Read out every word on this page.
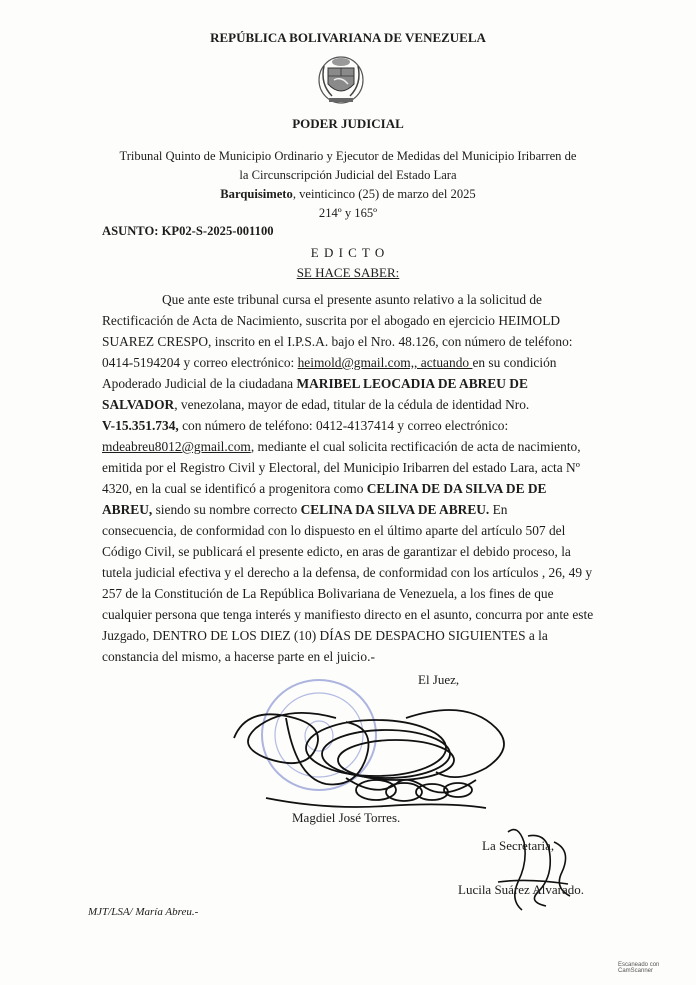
REPÚBLICA BOLIVARIANA DE VENEZUELA
PODER JUDICIAL
Tribunal Quinto de Municipio Ordinario y Ejecutor de Medidas del Municipio Iribarren de
la Circunscripción Judicial del Estado Lara
Barquisimeto, veinticinco (25) de marzo del 2025
214º y 165º
ASUNTO: KP02-S-2025-001100
E D I C T O
SE HACE SABER:
Que ante este tribunal cursa el presente asunto relativo a la solicitud de
Rectificación de Acta de Nacimiento, suscrita por el abogado en ejercicio HEIMOLD
SUAREZ CRESPO, inscrito en el I.P.S.A. bajo el Nro. 48.126, con número de teléfono:
0414-5194204 y correo electrónico: heimold@gmail.com,, actuando en su condición
Apoderado Judicial de la ciudadana MARIBEL LEOCADIA DE ABREU DE
SALVADOR, venezolana, mayor de edad, titular de la cédula de identidad Nro.
V-15.351.734, con número de teléfono: 0412-4137414 y correo electrónico:
mdeabreu8012@gmail.com, mediante el cual solicita rectificación de acta de nacimiento,
emitida por el Registro Civil y Electoral, del Municipio Iribarren del estado Lara, acta Nº
4320, en la cual se identificó a progenitora como CELINA DE DA SILVA DE DE
ABREU, siendo su nombre correcto CELINA DA SILVA DE ABREU. En
consecuencia, de conformidad con lo dispuesto en el último aparte del artículo 507 del
Código Civil, se publicará el presente edicto, en aras de garantizar el debido proceso, la
tutela judicial efectiva y el derecho a la defensa, de conformidad con los artículos , 26, 49 y
257 de la Constitución de La República Bolivariana de Venezuela, a los fines de que
cualquier persona que tenga interés y manifiesto directo en el asunto, concurra por ante este
Juzgado, DENTRO DE LOS DIEZ (10) DÍAS DE DESPACHO SIGUIENTES a la
constancia del mismo, a hacerse parte en el juicio.-
El Juez,
Magdiel José Torres.
La Secretaria,
Lucila Suárez Alvarado.
MJT/LSA/ María Abreu.-
Escaneado con CamScanner
